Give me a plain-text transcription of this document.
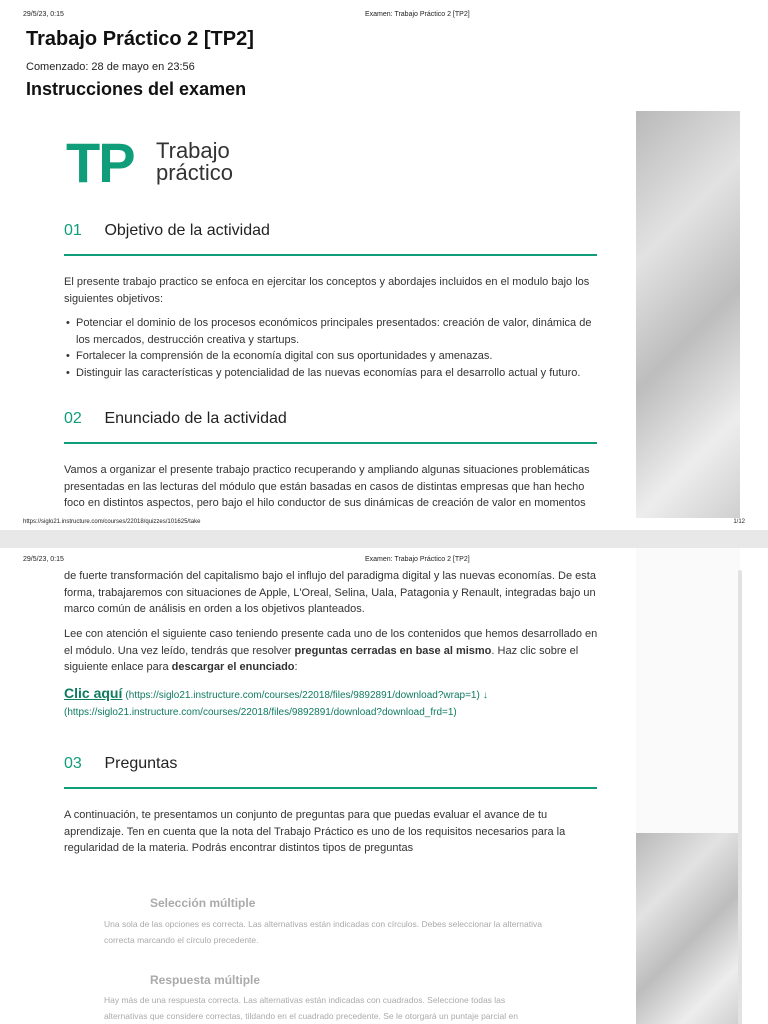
29/5/23, 0:15	Examen: Trabajo Práctico 2 [TP2]
Trabajo Práctico 2 [TP2]
Comenzado: 28 de mayo en 23:56
Instrucciones del examen
TP Trabajo
práctico
01 Objetivo de la actividad

El presente trabajo practico se enfoca en ejercitar los conceptos y abordajes incluidos en el modulo bajo los siguientes objetivos:

• Potenciar el dominio de los procesos económicos principales presentados: creación de valor, dinámica de los mercados, destrucción creativa y startups.
• Fortalecer la comprensión de la economía digital con sus oportunidades y amenazas.
• Distinguir las características y potencialidad de las nuevas economías para el desarrollo actual y futuro.
02 Enunciado de la actividad

Vamos a organizar el presente trabajo practico recuperando y ampliando algunas situaciones problemáticas presentadas en las lecturas del módulo que están basadas en casos de distintas empresas que han hecho foco en distintos aspectos, pero bajo el hilo conductor de sus dinámicas de creación de valor en momentos

https://siglo21.instructure.com/courses/22018/quizzes/101625/take	1/12
29/5/23, 0:15	Examen: Trabajo Práctico 2 [TP2]

de fuerte transformación del capitalismo bajo el influjo del paradigma digital y las nuevas economías. De esta forma, trabajaremos con situaciones de Apple, L'Oreal, Selina, Uala, Patagonia y Renault, integradas bajo un marco común de análisis en orden a los objetivos planteados.

Lee con atención el siguiente caso teniendo presente cada uno de los contenidos que hemos desarrollado en el módulo. Una vez leído, tendrás que resolver preguntas cerradas en base al mismo. Haz clic sobre el siguiente enlace para descargar el enunciado:

Clic aquí (https://siglo21.instructure.com/courses/22018/files/9892891/download?wrap=1) ↓
(https://siglo21.instructure.com/courses/22018/files/9892891/download?download_frd=1)
03 Preguntas

A continuación, te presentamos un conjunto de preguntas para que puedas evaluar el avance de tu aprendizaje. Ten en cuenta que la nota del Trabajo Práctico es uno de los requisitos necesarios para la regularidad de la materia. Podrás encontrar distintos tipos de preguntas

Selección múltiple

Una sola de las opciones es correcta. Las alternativas están indicadas con círculos. Debes seleccionar la alternativa correcta marcando el círculo precedente.

Respuesta múltiple

Hay más de una respuesta correcta. Las alternativas están indicadas con cuadrados. Seleccione todas las alternativas que considere correctas, tildando en el cuadrado precedente. Se le otorgará un puntaje parcial en
